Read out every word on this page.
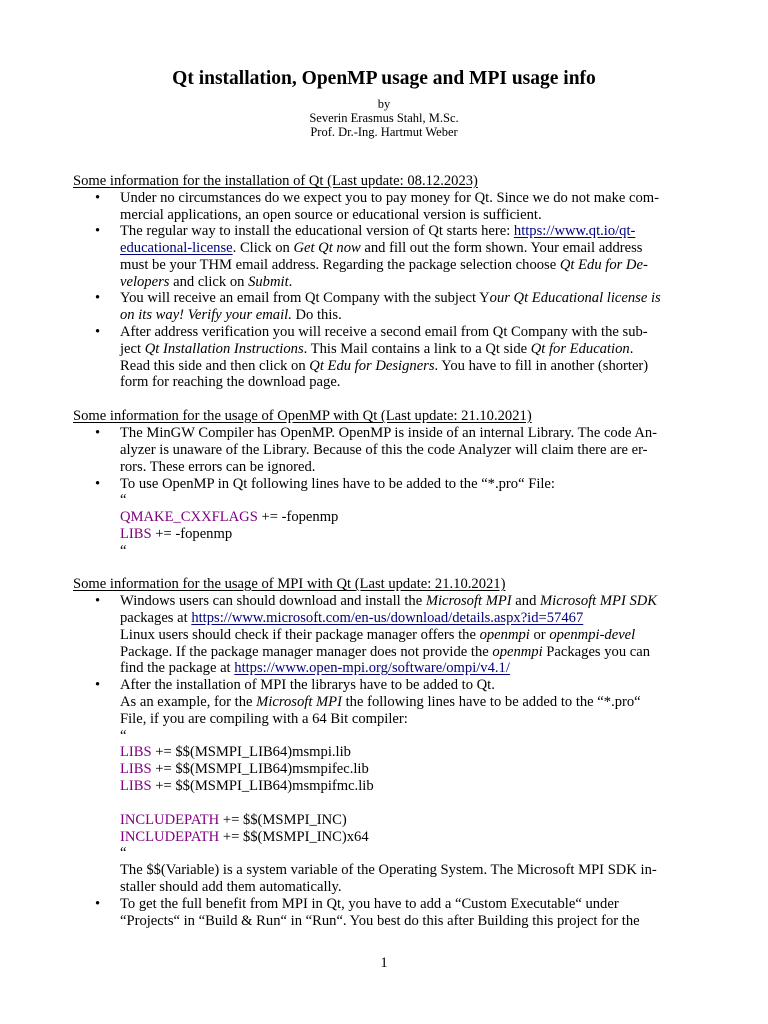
Qt installation, OpenMP usage and MPI usage info
by
Severin Erasmus Stahl, M.Sc.
Prof. Dr.-Ing. Hartmut Weber
Some information for the installation of Qt (Last update: 08.12.2023)
• Under no circumstances do we expect you to pay money for Qt. Since we do not make com-
mercial applications, an open source or educational version is sufficient.
• The regular way to install the educational version of Qt starts here: https://www.qt.io/qt-
educational-license. Click on Get Qt now and fill out the form shown. Your email address
must be your THM email address. Regarding the package selection choose Qt Edu for De-
velopers and click on Submit.
• You will receive an email from Qt Company with the subject Your Qt Educational license is
on its way! Verify your email. Do this.
• After address verification you will receive a second email from Qt Company with the sub-
ject Qt Installation Instructions. This Mail contains a link to a Qt side Qt for Education.
Read this side and then click on Qt Edu for Designers. You have to fill in another (shorter)
form for reaching the download page.
Some information for the usage of OpenMP with Qt (Last update: 21.10.2021)
• The MinGW Compiler has OpenMP. OpenMP is inside of an internal Library. The code An-
alyzer is unaware of the Library. Because of this the code Analyzer will claim there are er-
rors. These errors can be ignored.
• To use OpenMP in Qt following lines have to be added to the “*.pro“ File:
“
QMAKE_CXXFLAGS += -fopenmp
LIBS += -fopenmp
“
Some information for the usage of MPI with Qt (Last update: 21.10.2021)
• Windows users can should download and install the Microsoft MPI and Microsoft MPI SDK
packages at https://www.microsoft.com/en-us/download/details.aspx?id=57467
Linux users should check if their package manager offers the openmpi or openmpi-devel
Package. If the package manager manager does not provide the openmpi Packages you can
find the package at https://www.open-mpi.org/software/ompi/v4.1/
• After the installation of MPI the librarys have to be added to Qt.
As an example, for the Microsoft MPI the following lines have to be added to the “*.pro“
File, if you are compiling with a 64 Bit compiler:
“
LIBS += $$(MSMPI_LIB64)msmpi.lib
LIBS += $$(MSMPI_LIB64)msmpifec.lib
LIBS += $$(MSMPI_LIB64)msmpifmc.lib
INCLUDEPATH += $$(MSMPI_INC)
INCLUDEPATH += $$(MSMPI_INC)x64
“
The $$(Variable) is a system variable of the Operating System. The Microsoft MPI SDK in-
staller should add them automatically.
• To get the full benefit from MPI in Qt, you have to add a “Custom Executable“ under
“Projects“ in “Build & Run“ in “Run“. You best do this after Building this project for the
1
